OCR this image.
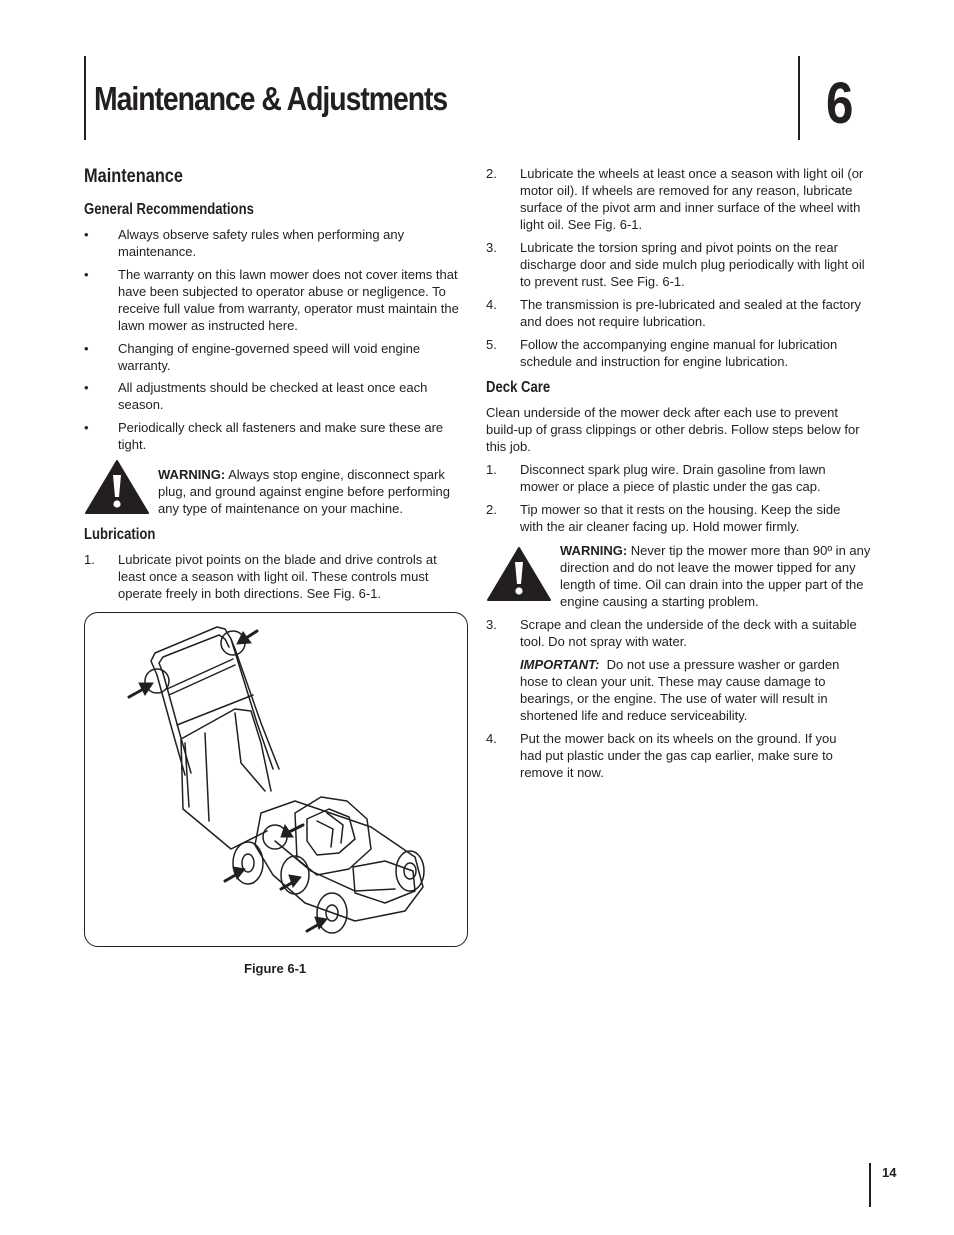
Maintenance & Adjustments	6
Maintenance
General Recommendations
• Always observe safety rules when performing any maintenance.
• The warranty on this lawn mower does not cover items that have been subjected to operator abuse or negligence. To receive full value from warranty, operator must maintain the lawn mower as instructed here.
• Changing of engine-governed speed will void engine warranty.
• All adjustments should be checked at least once each season.
• Periodically check all fasteners and make sure these are tight.
WARNING: Always stop engine, disconnect spark plug, and ground against engine before performing any type of maintenance on your machine.
Lubrication
1. Lubricate pivot points on the blade and drive controls at least once a season with light oil. These controls must operate freely in both directions. See Fig. 6-1.
Figure 6-1
2. Lubricate the wheels at least once a season with light oil (or motor oil). If wheels are removed for any reason, lubricate surface of the pivot arm and inner surface of the wheel with light oil. See Fig. 6-1.
3. Lubricate the torsion spring and pivot points on the rear discharge door and side mulch plug periodically with light oil to prevent rust. See Fig. 6-1.
4. The transmission is pre-lubricated and sealed at the factory and does not require lubrication.
5. Follow the accompanying engine manual for lubrication schedule and instruction for engine lubrication.
Deck Care
Clean underside of the mower deck after each use to prevent build-up of grass clippings or other debris. Follow steps below for this job.
1. Disconnect spark plug wire. Drain gasoline from lawn mower or place a piece of plastic under the gas cap.
2. Tip mower so that it rests on the housing. Keep the side with the air cleaner facing up. Hold mower firmly.
WARNING: Never tip the mower more than 90º in any direction and do not leave the mower tipped for any length of time. Oil can drain into the upper part of the engine causing a starting problem.
3. Scrape and clean the underside of the deck with a suitable tool. Do not spray with water.
IMPORTANT:  Do not use a pressure washer or garden hose to clean your unit. These may cause damage to bearings, or the engine. The use of water will result in shortened life and reduce serviceability.
4. Put the mower back on its wheels on the ground. If you had put plastic under the gas cap earlier, make sure to remove it now.
14
